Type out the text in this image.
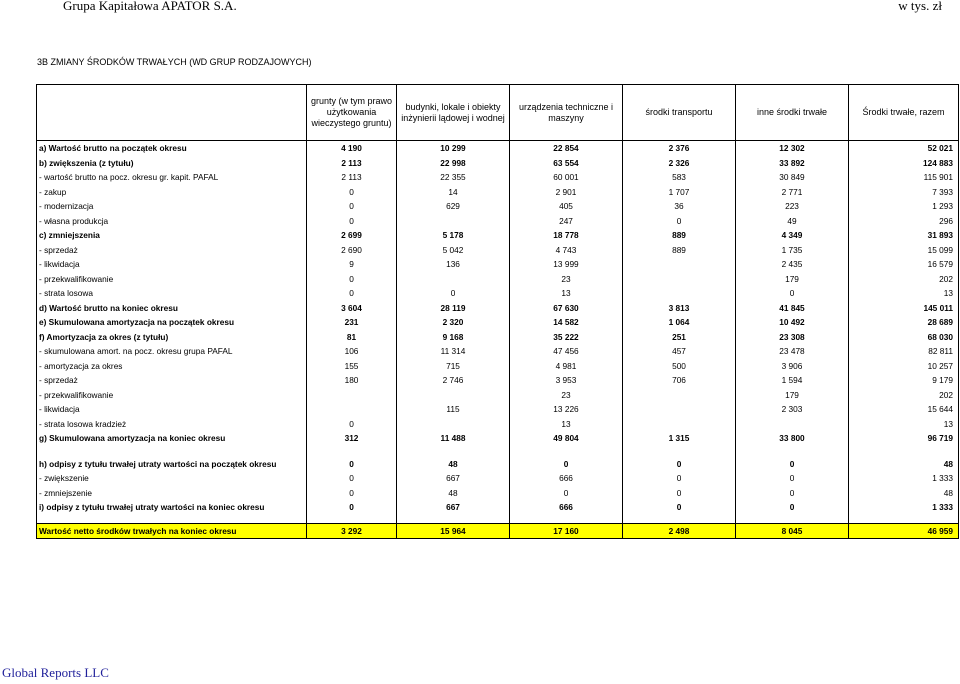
Grupa Kapitałowa APATOR S.A.	w tys. zł
3B ZMIANY ŚRODKÓW TRWAŁYCH (WD GRUP RODZAJOWYCH)
	grunty (w tym prawo użytkowania wieczystego gruntu)	budynki, lokale i obiekty inżynierii lądowej i wodnej	urządzenia techniczne i maszyny	środki transportu	inne środki trwałe	Środki trwałe, razem
a) Wartość brutto na początek okresu	4 190	10 299	22 854	2 376	12 302	52 021
b) zwiększenia (z tytułu)	2 113	22 998	63 554	2 326	33 892	124 883
- wartość brutto na pocz. okresu gr. kapit. PAFAL	2 113	22 355	60 001	583	30 849	115 901
- zakup	0	14	2 901	1 707	2 771	7 393
- modernizacja	0	629	405	36	223	1 293
- własna produkcja	0		247	0	49	296
c) zmniejszenia	2 699	5 178	18 778	889	4 349	31 893
- sprzedaż	2 690	5 042	4 743	889	1 735	15 099
- likwidacja	9	136	13 999		2 435	16 579
- przekwalifikowanie	0		23		179	202
- strata losowa	0	0	13		0	13
d) Wartość brutto na koniec okresu	3 604	28 119	67 630	3 813	41 845	145 011
e) Skumulowana amortyzacja na początek okresu	231	2 320	14 582	1 064	10 492	28 689
f) Amortyzacja za okres (z tytułu)	81	9 168	35 222	251	23 308	68 030
- skumulowana amort. na pocz. okresu grupa PAFAL	106	11 314	47 456	457	23 478	82 811
- amortyzacja za okres	155	715	4 981	500	3 906	10 257
- sprzedaż	180	2 746	3 953	706	1 594	9 179
- przekwalifikowanie			23		179	202
- likwidacja		115	13 226		2 303	15 644
- strata losowa kradzież	0		13			13
g) Skumulowana amortyzacja na koniec okresu	312	11 488	49 804	1 315	33 800	96 719

h) odpisy z tytułu trwałej utraty wartości na początek okresu	0	48	0	0	0	48
- zwiększenie	0	667	666	0	0	1 333
- zmniejszenie	0	48	0	0	0	48
i) odpisy z tytułu trwałej utraty wartości na koniec okresu	0	667	666	0	0	1 333

Wartość netto środków trwałych na koniec okresu	3 292	15 964	17 160	2 498	8 045	46 959
Global Reports LLC
